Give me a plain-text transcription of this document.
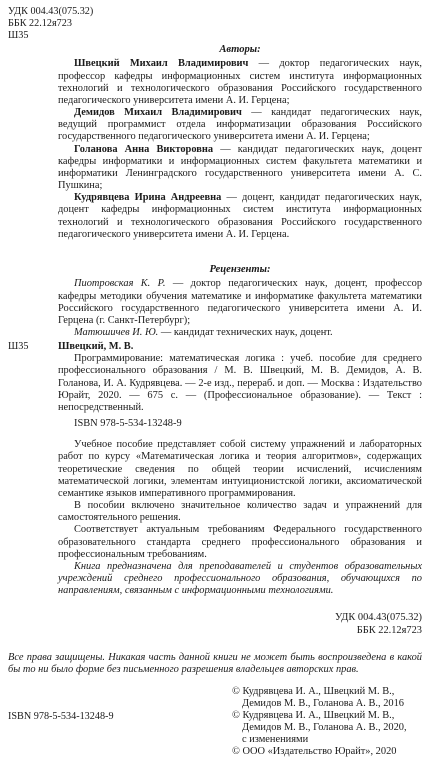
УДК 004.43(075.32)
ББК 22.12я723
Ш35
Авторы:

Швецкий Михаил Владимирович — доктор педагогических наук, профессор кафедры информационных систем института информационных технологий и технологического образования Российского государственного педагогического университета имени А. И. Герцена;

Демидов Михаил Владимирович — кандидат педагогических наук, ведущий программист отдела информатизации образования Российского государственного педагогического университета имени А. И. Герцена;

Голанова Анна Викторовна — кандидат педагогических наук, доцент кафедры информатики и информационных систем факультета математики и информатики Ленинградского государственного университета имени А. С. Пушкина;

Кудрявцева Ирина Андреевна — доцент, кандидат педагогических наук, доцент кафедры информационных систем института информационных технологий и технологического образования Российского государственного педагогического университета имени А. И. Герцена.

Рецензенты:

Пиотровская К. Р. — доктор педагогических наук, доцент, профессор кафедры методики обучения математике и информатике факультета математики Российского государственного педагогического университета имени А. И. Герцена (г. Санкт-Петербург);

Матюшичев И. Ю. — кандидат технических наук, доцент.

Ш35	Швецкий, М. В.

Программирование: математическая логика : учеб. пособие для среднего профессионального образования / М. В. Швецкий, М. В. Демидов, А. В. Голанова, И. А. Кудрявцева. — 2-е изд., перераб. и доп. — Москва : Издательство Юрайт, 2020. — 675 с. — (Профессиональное образование). — Текст : непосредственный.

ISBN 978-5-534-13248-9

Учебное пособие представляет собой систему упражнений и лабораторных работ по курсу «Математическая логика и теория алгоритмов», содержащих теоретические сведения по общей теории исчислений, исчислениям математической логики, элементам интуиционистской логики, аксиоматической семантике языков императивного программирования.

В пособии включено значительное количество задач и упражнений для самостоятельного решения.

Соответствует актуальным требованиям Федерального государственного образовательного стандарта среднего профессионального образования и профессиональным требованиям.

Книга предназначена для преподавателей и студентов образовательных учреждений среднего профессионального образования, обучающихся по направлениям, связанным с информационными технологиями.

УДК 004.43(075.32)
ББК 22.12я723
Все права защищены. Никакая часть данной книги не может быть воспроизведена в какой бы то ни было форме без письменного разрешения владельцев авторских прав.
© Кудрявцева И. А., Швецкий М. В.,
Демидов М. В., Голанова А. В., 2016
© Кудрявцева И. А., Швецкий М. В.,
Демидов М. В., Голанова А. В., 2020,
с изменениями
© ООО «Издательство Юрайт», 2020
ISBN 978-5-534-13248-9
